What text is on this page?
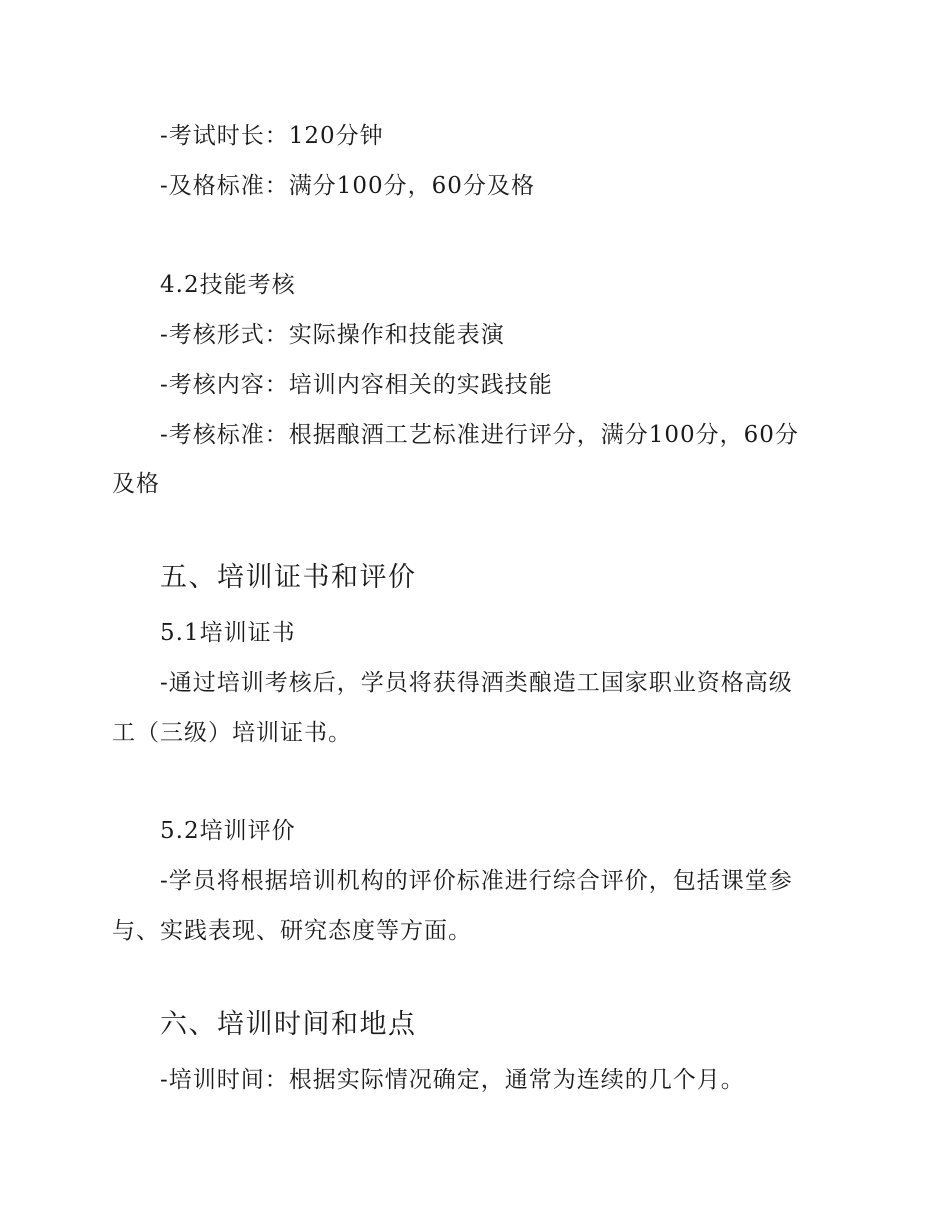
-考试时长：120分钟
-及格标准：满分100分，60分及格
4.2技能考核
-考核形式：实际操作和技能表演
-考核内容：培训内容相关的实践技能
-考核标准：根据酿酒工艺标准进行评分，满分100分，60分
及格
五、培训证书和评价
5.1培训证书
-通过培训考核后，学员将获得酒类酿造工国家职业资格高级
工（三级）培训证书。
5.2培训评价
-学员将根据培训机构的评价标准进行综合评价，包括课堂参
与、实践表现、研究态度等方面。
六、培训时间和地点
-培训时间：根据实际情况确定，通常为连续的几个月。
